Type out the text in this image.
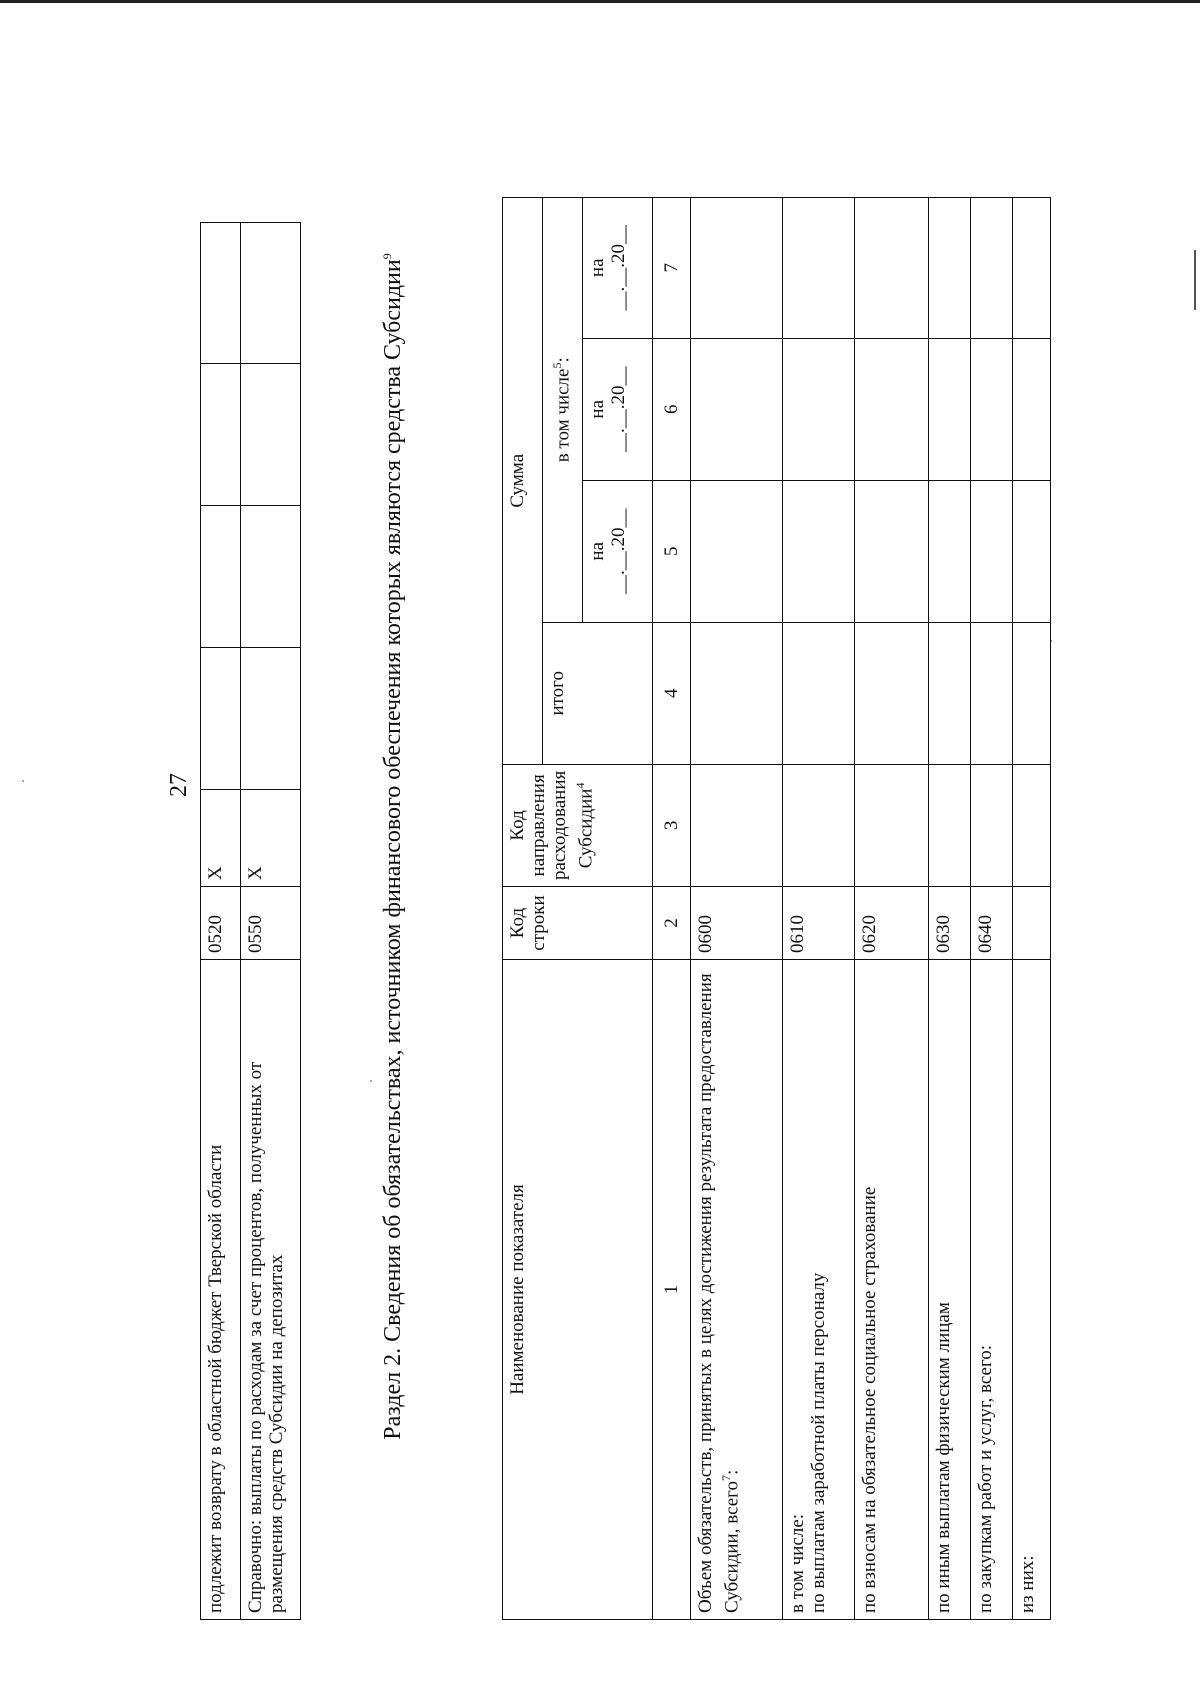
27
подлежит возврату в областной бюджет Тверской области	0520	X				
Справочно: выплаты по расходам за счет процентов, полученных от размещения средств Субсидии на депозитах	0550	X					Раздел 2. Сведения об обязательствах, источником финансового обеспечения которых являются средства Субсидии$^9$
Наименование показателя	Код строки	Код направления расходования Субсидии$^4$	Сумма			
			итого	в том числе$^5$:		

				на __.__.20__	на __.__.20__	на __.__.20__

1	2	3	4	5	6	7
Объем обязательств, принятых в целях достижения результата предоставления Субсидии, всего$^7$:	0600					

в том числе: по выплатам заработной платы персоналу	0610					
по взносам на обязательное социальное страхование	0620					
по иным выплатам физическим лицам	0630					
по закупкам работ и услуг, всего:	0640					
из них:						
